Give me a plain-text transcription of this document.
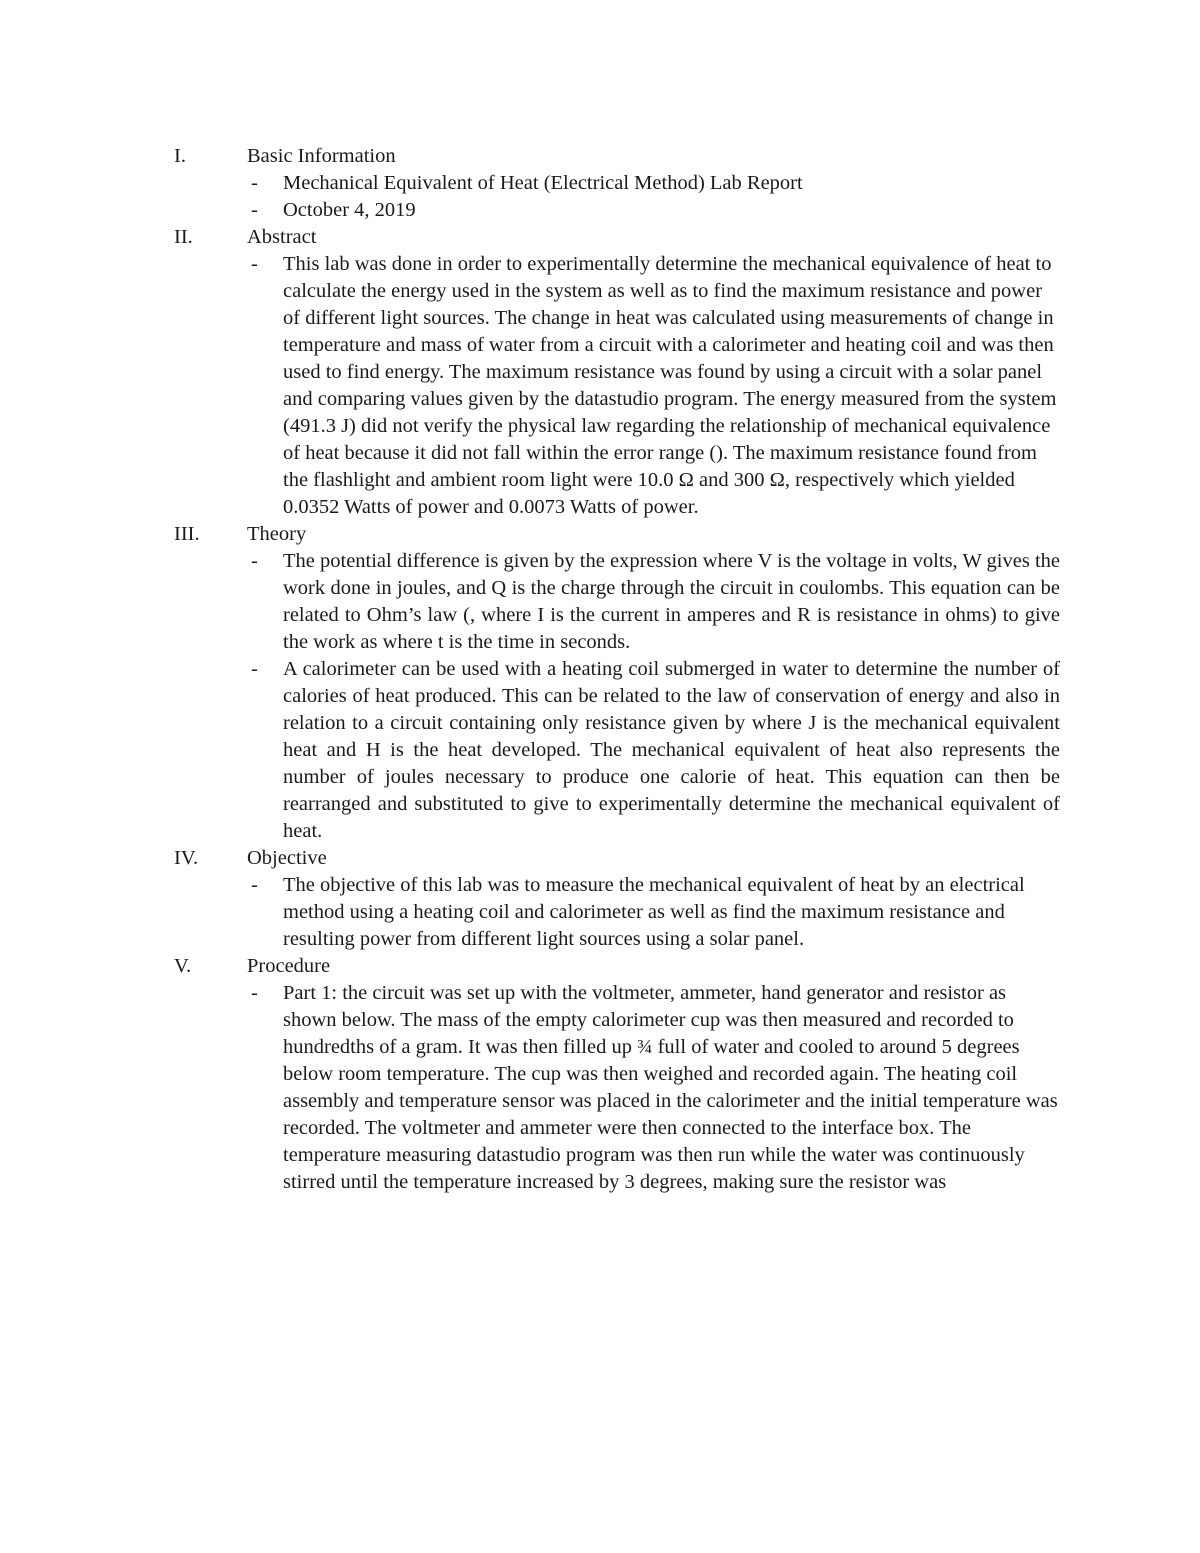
I.	Basic Information
- Mechanical Equivalent of Heat (Electrical Method) Lab Report

- October 4, 2019

II.	Abstract
- This lab was done in order to experimentally determine the mechanical equivalence of heat to calculate the energy used in the system as well as to find the maximum resistance and power of different light sources. The change in heat was calculated using measurements of change in temperature and mass of water from a circuit with a calorimeter and heating coil and was then used to find energy. The maximum resistance was found by using a circuit with a solar panel and comparing values given by the datastudio program. The energy measured from the system (491.3 J) did not verify the physical law regarding the relationship of mechanical equivalence of heat because it did not fall within the error range (). The maximum resistance found from the flashlight and ambient room light were 10.0 Ω and 300 Ω, respectively which yielded 0.0352 Watts of power and 0.0073 Watts of power.

III. Theory
- The potential difference is given by the expression where V is the voltage in volts, W gives the work done in joules, and Q is the charge through the circuit in coulombs. This equation can be related to Ohm’s law (, where I is the current in amperes and R is resistance in ohms) to give the work as where t is the time in seconds.

- A calorimeter can be used with a heating coil submerged in water to determine the number of calories of heat produced. This can be related to the law of conservation of energy and also in relation to a circuit containing only resistance given by where J is the mechanical equivalent heat and H is the heat developed. The mechanical equivalent of heat also represents the number of joules necessary to produce one calorie of heat. This equation can then be rearranged and substituted to give to experimentally determine the mechanical equivalent of heat.

IV. Objective
- The objective of this lab was to measure the mechanical equivalent of heat by an electrical method using a heating coil and calorimeter as well as find the maximum resistance and resulting power from different light sources using a solar panel.

V.	Procedure
- Part 1: the circuit was set up with the voltmeter, ammeter, hand generator and resistor as shown below. The mass of the empty calorimeter cup was then measured and recorded to hundredths of a gram. It was then filled up ¾ full of water and cooled to around 5 degrees below room temperature. The cup was then weighed and recorded again. The heating coil assembly and temperature sensor was placed in the calorimeter and the initial temperature was recorded. The voltmeter and ammeter were then connected to the interface box. The temperature measuring datastudio program was then run while the water was continuously stirred until the temperature increased by 3 degrees, making sure the resistor was
